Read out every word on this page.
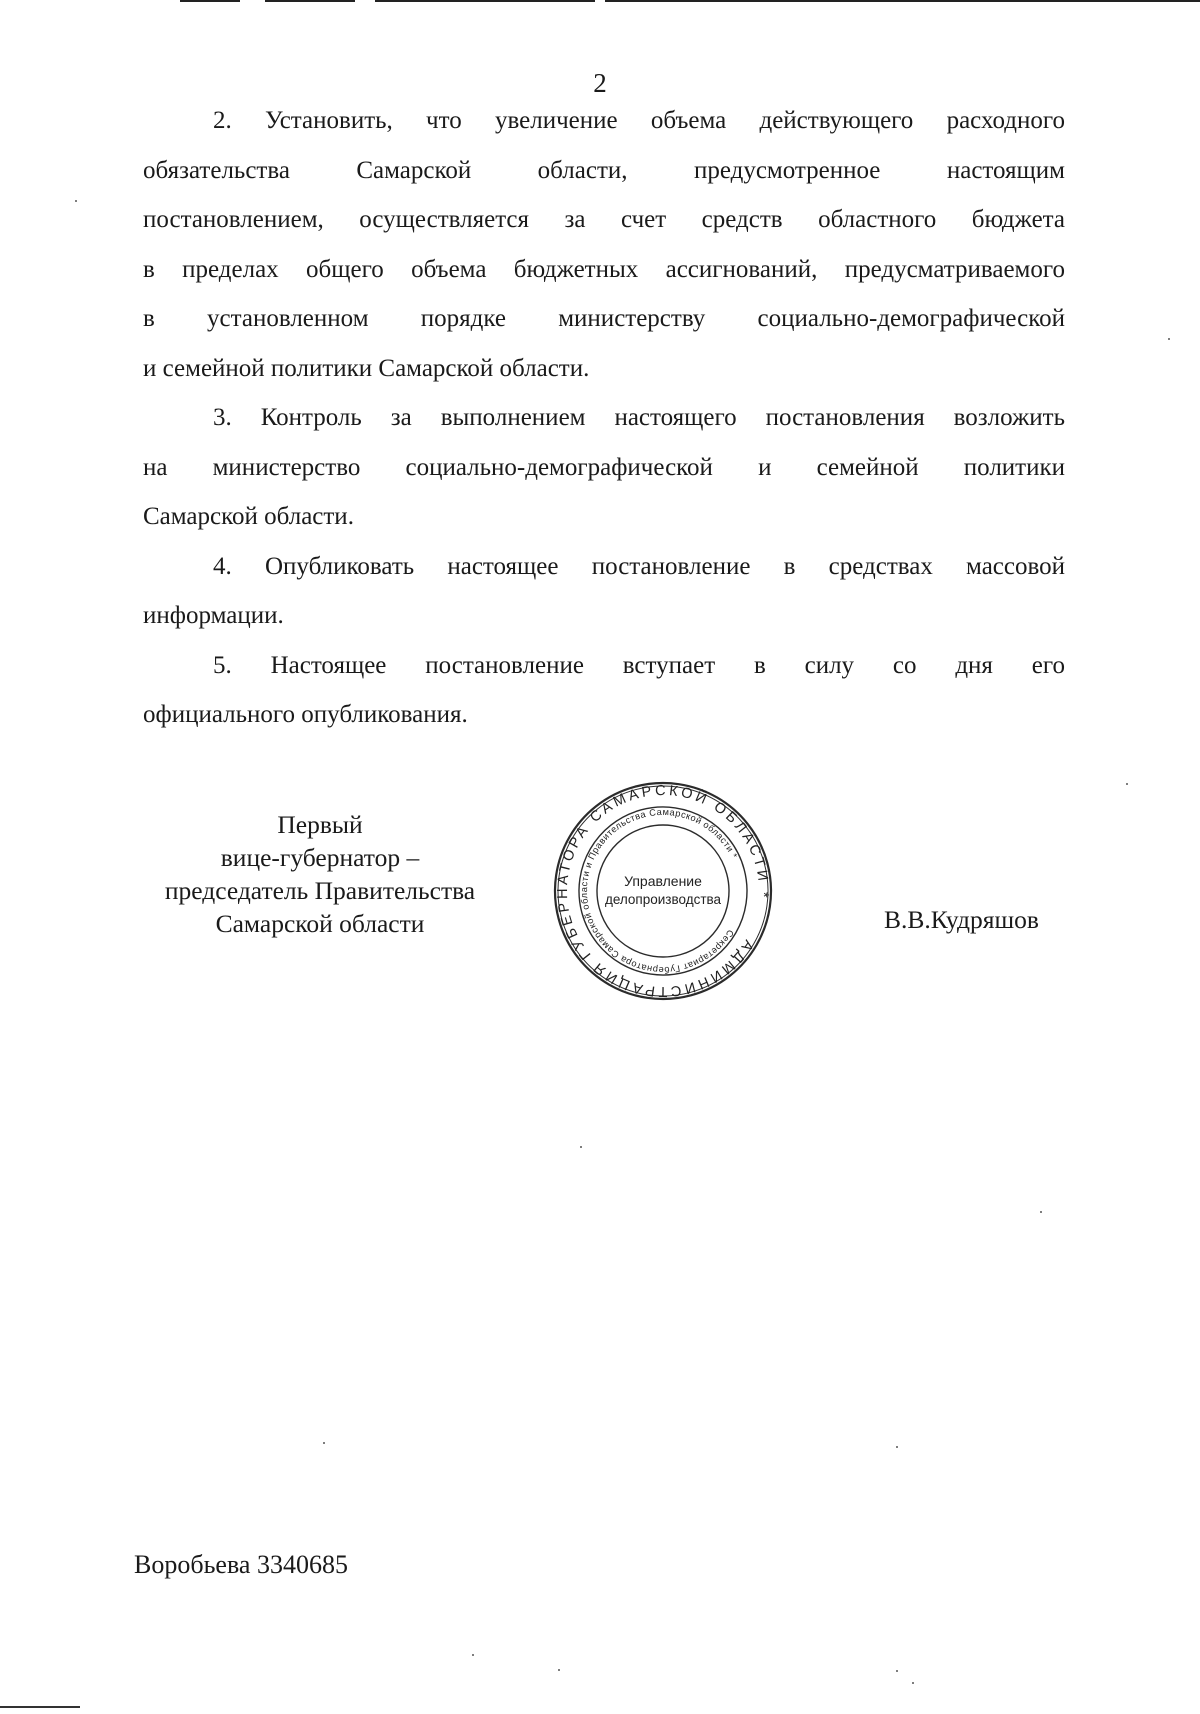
2
2. Установить, что увеличение объема действующего расходного
обязательства Самарской области, предусмотренное настоящим
постановлением, осуществляется за счет средств областного бюджета
в пределах общего объема бюджетных ассигнований, предусматриваемого
в установленном порядке министерству социально-демографической
и семейной политики Самарской области.
3. Контроль за выполнением настоящего постановления возложить
на министерство социально-демографической и семейной политики
Самарской области.
4. Опубликовать настоящее постановление в средствах массовой
информации.
5. Настоящее постановление вступает в силу со дня его
официального опубликования.
Первый
вице-губернатор –
председатель Правительства
Самарской области
АДМИНИСТРАЦИЯ ГУБЕРНАТОРА САМАРСКОЙ ОБЛАСТИ *
Секретариат Губернатора Самарской области и Правительства Самарской области *
Управление
делопроизводства
В.В.Кудряшов
Воробьева 3340685
